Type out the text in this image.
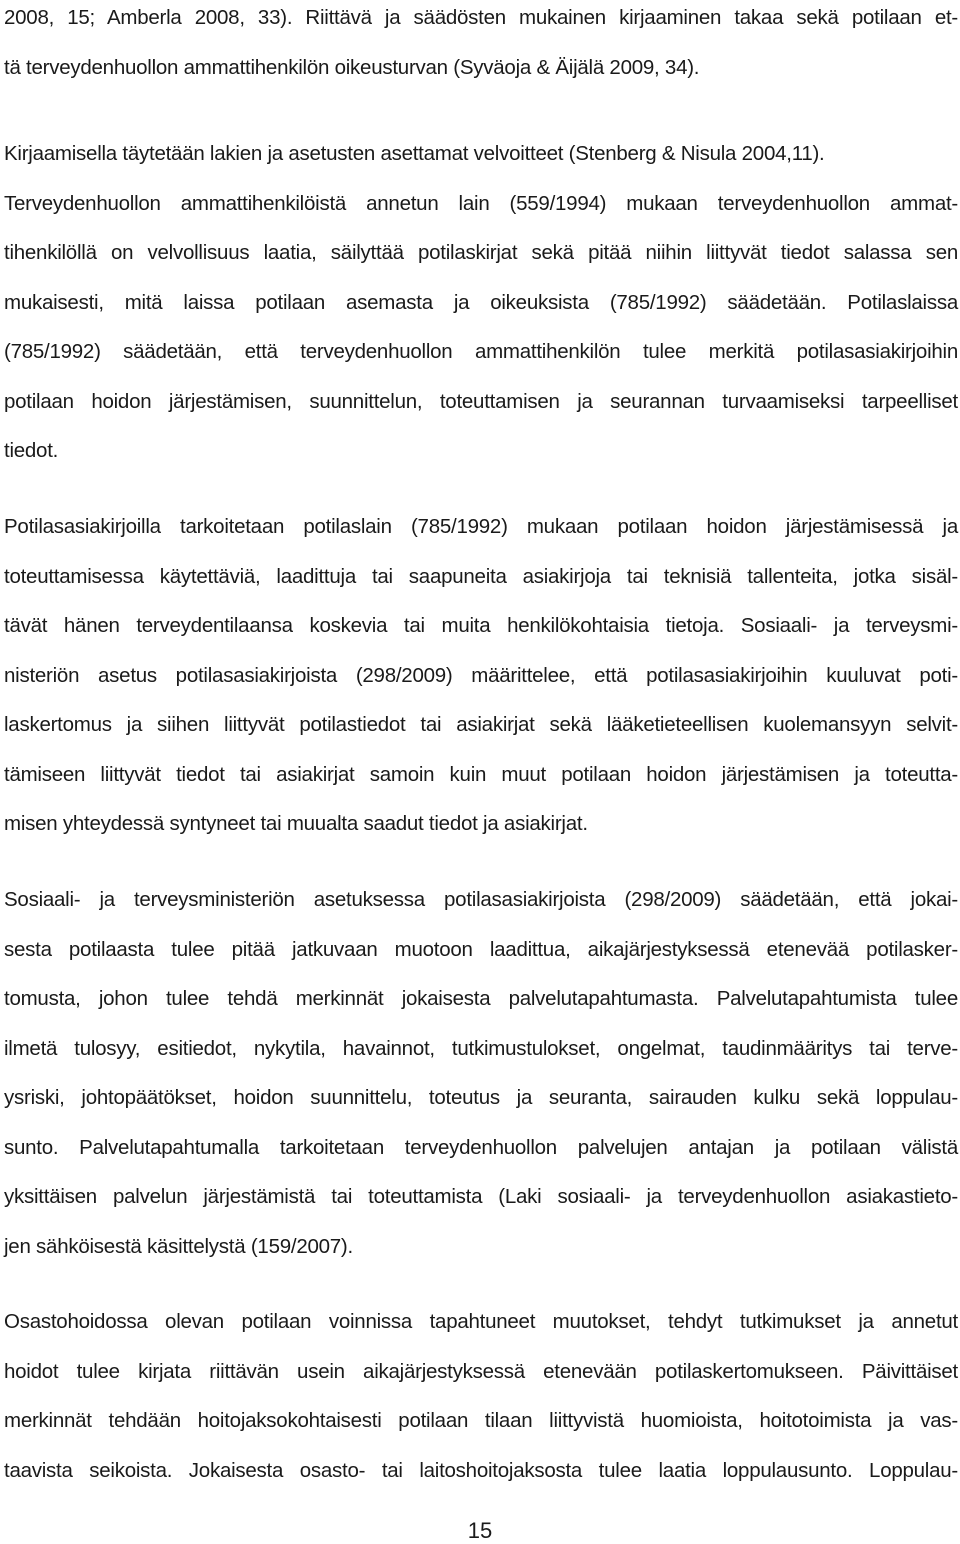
2008, 15; Amberla 2008, 33). Riittävä ja säädösten mukainen kirjaaminen takaa sekä potilaan et-
tä terveydenhuollon ammattihenkilön oikeusturvan (Syväoja & Äijälä 2009, 34).
Kirjaamisella täytetään lakien ja asetusten asettamat velvoitteet (Stenberg & Nisula 2004,11).
Terveydenhuollon ammattihenkilöistä annetun lain (559/1994) mukaan terveydenhuollon ammat-
tihenkilöllä on velvollisuus laatia, säilyttää potilaskirjat sekä pitää niihin liittyvät tiedot salassa sen
mukaisesti, mitä laissa potilaan asemasta ja oikeuksista (785/1992) säädetään. Potilaslaissa
(785/1992) säädetään, että terveydenhuollon ammattihenkilön tulee merkitä potilasasiakirjoihin
potilaan hoidon järjestämisen, suunnittelun, toteuttamisen ja seurannan turvaamiseksi tarpeelliset
tiedot.
Potilasasiakirjoilla tarkoitetaan potilaslain (785/1992) mukaan potilaan hoidon järjestämisessä ja
toteuttamisessa käytettäviä, laadittuja tai saapuneita asiakirjoja tai teknisiä tallenteita, jotka sisäl-
tävät hänen terveydentilaansa koskevia tai muita henkilökohtaisia tietoja. Sosiaali- ja terveysmi-
nisteriön asetus potilasasiakirjoista (298/2009) määrittelee, että potilasasiakirjoihin kuuluvat poti-
laskertomus ja siihen liittyvät potilastiedot tai asiakirjat sekä lääketieteellisen kuolemansyyn selvit-
tämiseen liittyvät tiedot tai asiakirjat samoin kuin muut potilaan hoidon järjestämisen ja toteutta-
misen yhteydessä syntyneet tai muualta saadut tiedot ja asiakirjat.
Sosiaali- ja terveysministeriön asetuksessa potilasasiakirjoista (298/2009) säädetään, että jokai-
sesta potilaasta tulee pitää jatkuvaan muotoon laadittua, aikajärjestyksessä etenevää potilasker-
tomusta, johon tulee tehdä merkinnät jokaisesta palvelutapahtumasta. Palvelutapahtumista tulee
ilmetä tulosyy, esitiedot, nykytila, havainnot, tutkimustulokset, ongelmat, taudinmääritys tai terve-
ysriski, johtopäätökset, hoidon suunnittelu, toteutus ja seuranta, sairauden kulku sekä loppulau-
sunto. Palvelutapahtumalla tarkoitetaan terveydenhuollon palvelujen antajan ja potilaan välistä
yksittäisen palvelun järjestämistä tai toteuttamista (Laki sosiaali- ja terveydenhuollon asiakastieto-
jen sähköisestä käsittelystä (159/2007).
Osastohoidossa olevan potilaan voinnissa tapahtuneet muutokset, tehdyt tutkimukset ja annetut
hoidot tulee kirjata riittävän usein aikajärjestyksessä etenevään potilaskertomukseen. Päivittäiset
merkinnät tehdään hoitojaksokohtaisesti potilaan tilaan liittyvistä huomioista, hoitotoimista ja vas-
taavista seikoista. Jokaisesta osasto- tai laitoshoitojaksosta tulee laatia loppulausunto. Loppulau-
15
